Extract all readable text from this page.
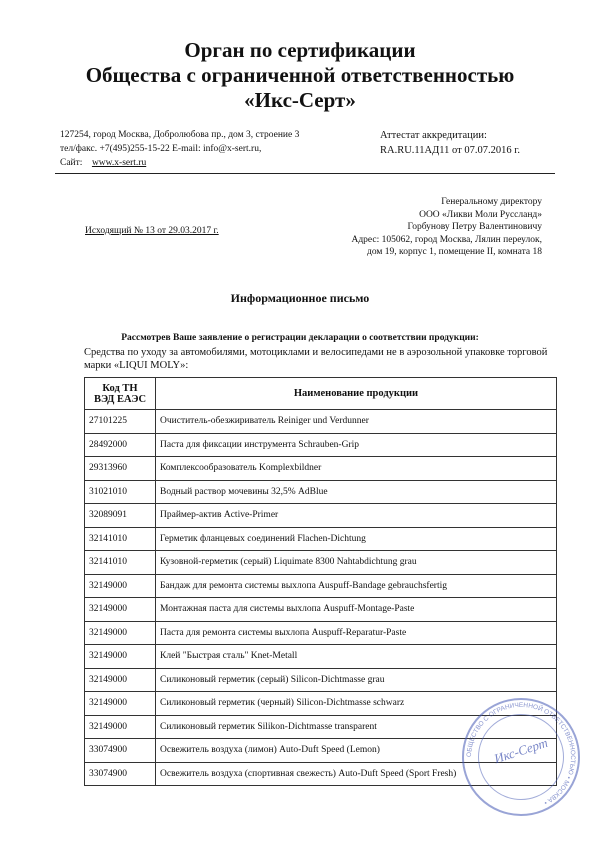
Орган по сертификации
Общества с ограниченной ответственностью
«Икс-Серт»
127254, город Москва, Добролюбова пр., дом 3, строение 3
тел/факс. +7(495)255-15-22 E-mail: info@x-sert.ru,
Сайт: www.x-sert.ru
Аттестат аккредитации:
RA.RU.11АД11 от 07.07.2016 г.
Генеральному директору
ООО «Ликви Моли Руссланд»
Горбунову Петру Валентиновичу
Адрес: 105062, город Москва, Лялин переулок,
дом 19, корпус 1, помещение II, комната 18
Исходящий № 13 от 29.03.2017 г.
Информационное письмо
Рассмотрев Ваше заявление о регистрации декларации о соответствии продукции:
Средства по уходу за автомобилями, мотоциклами и велосипедами не в аэрозольной упаковке торговой марки «LIQUI MOLY»:
Код ТН
ВЭД ЕАЭС	Наименование продукции
27101225	Очиститель-обезжириватель Reiniger und Verdunner
28492000	Паста для фиксации инструмента Schrauben-Grip
29313960	Комплексообразователь Komplexbildner
31021010	Водный раствор мочевины 32,5% AdBlue
32089091	Праймер-актив Active-Primer
32141010	Герметик фланцевых соединений Flachen-Dichtung
32141010	Кузовной-герметик (серый) Liquimate 8300 Nahtabdichtung grau
32149000	Бандаж для ремонта системы выхлопа Auspuff-Bandage gebrauchsfertig
32149000	Монтажная паста для системы выхлопа Auspuff-Montage-Paste
32149000	Паста для ремонта системы выхлопа Auspuff-Reparatur-Paste
32149000	Клей "Быстрая сталь" Knet-Metall
32149000	Силиконовый герметик (серый) Silicon-Dichtmasse grau
32149000	Силиконовый герметик (черный) Silicon-Dichtmasse schwarz
32149000	Силиконовый герметик Silikon-Dichtmasse transparent
33074900	Освежитель воздуха (лимон) Auto-Duft Speed (Lemon)
33074900	Освежитель воздуха (спортивная свежесть) Auto-Duft Speed (Sport Fresh)
ОБЩЕСТВО С ОГРАНИЧЕННОЙ ОТВЕТСТВЕННОСТЬЮ • МОСКВА •
Икс-Серт
